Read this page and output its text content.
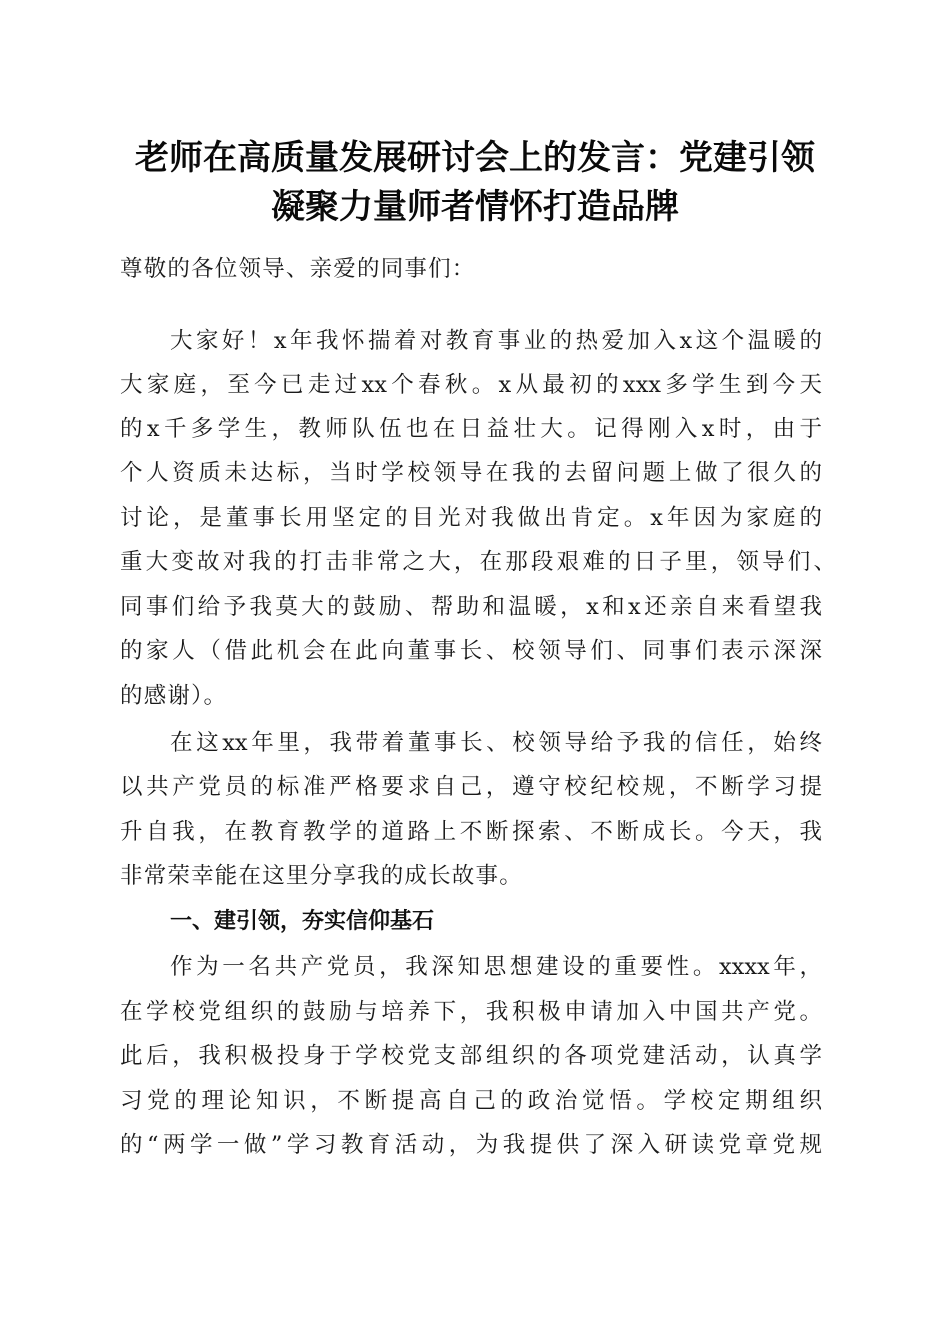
老师在高质量发展研讨会上的发言：党建引领
凝聚力量师者情怀打造品牌
尊敬的各位领导、亲爱的同事们：
大家好！x年我怀揣着对教育事业的热爱加入x这个温暖的
大家庭，至今已走过xx个春秋。x从最初的xxx多学生到今天
的x千多学生，教师队伍也在日益壮大。记得刚入x时，由于
个人资质未达标，当时学校领导在我的去留问题上做了很久的
讨论，是董事长用坚定的目光对我做出肯定。x年因为家庭的
重大变故对我的打击非常之大，在那段艰难的日子里，领导们、
同事们给予我莫大的鼓励、帮助和温暖，x和x还亲自来看望我
的家人（借此机会在此向董事长、校领导们、同事们表示深深
的感谢）。
在这xx年里，我带着董事长、校领导给予我的信任，始终
以共产党员的标准严格要求自己，遵守校纪校规，不断学习提
升自我，在教育教学的道路上不断探索、不断成长。今天，我
非常荣幸能在这里分享我的成长故事。
一、建引领，夯实信仰基石
作为一名共产党员，我深知思想建设的重要性。xxxx年，
在学校党组织的鼓励与培养下，我积极申请加入中国共产党。
此后，我积极投身于学校党支部组织的各项党建活动，认真学
习党的理论知识，不断提高自己的政治觉悟。学校定期组织
的“两学一做”学习教育活动，为我提供了深入研读党章党规
